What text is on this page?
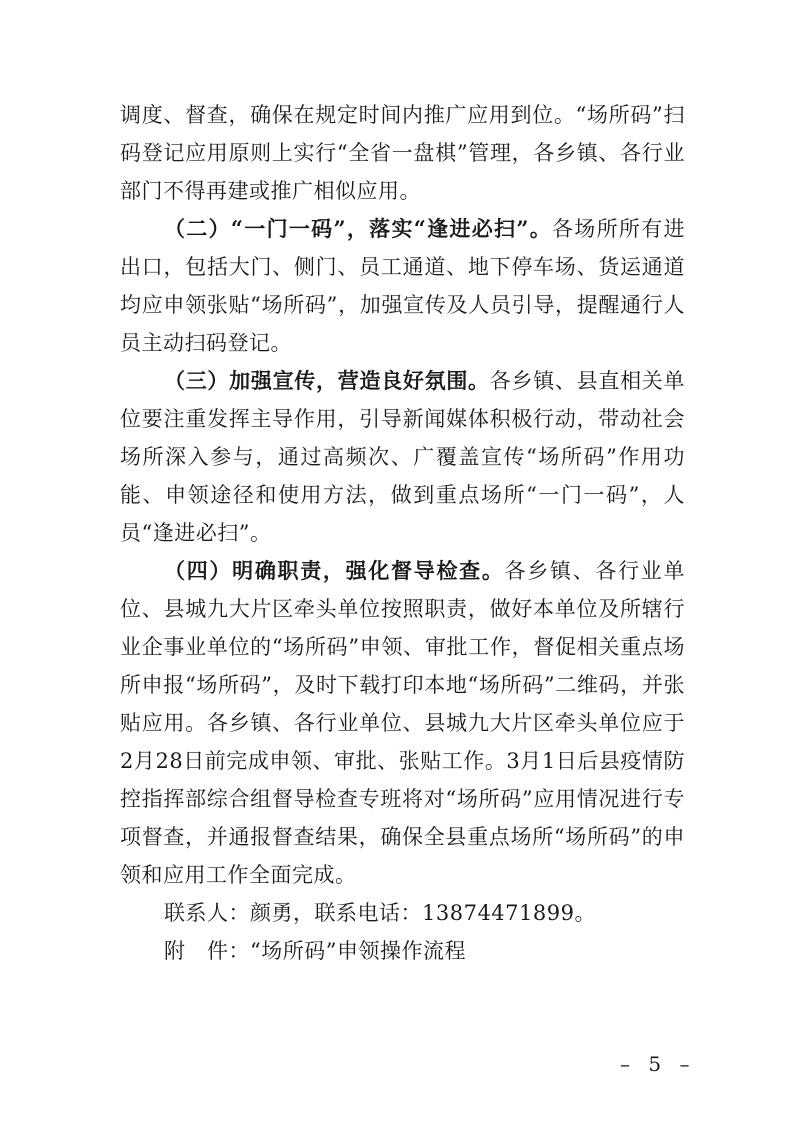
调度、督查，确保在规定时间内推广应用到位。“场所码”扫码登记应用原则上实行“全省一盘棋”管理，各乡镇、各行业部门不得再建或推广相似应用。

（二）“一门一码”，落实“逢进必扫”。各场所所有进出口，包括大门、侧门、员工通道、地下停车场、货运通道均应申领张贴“场所码”，加强宣传及人员引导，提醒通行人员主动扫码登记。

（三）加强宣传，营造良好氛围。各乡镇、县直相关单位要注重发挥主导作用，引导新闻媒体积极行动，带动社会场所深入参与，通过高频次、广覆盖宣传“场所码”作用功能、申领途径和使用方法，做到重点场所“一门一码”，人员“逢进必扫”。

（四）明确职责，强化督导检查。各乡镇、各行业单位、县城九大片区牵头单位按照职责，做好本单位及所辖行业企事业单位的“场所码”申领、审批工作，督促相关重点场所申报“场所码”，及时下载打印本地“场所码”二维码，并张贴应用。各乡镇、各行业单位、县城九大片区牵头单位应于2月28日前完成申领、审批、张贴工作。3月1日后县疫情防控指挥部综合组督导检查专班将对“场所码”应用情况进行专项督查，并通报督查结果，确保全县重点场所“场所码”的申领和应用工作全面完成。

联系人：颜勇，联系电话：13874471899。

附　件：“场所码”申领操作流程

– 5 –
